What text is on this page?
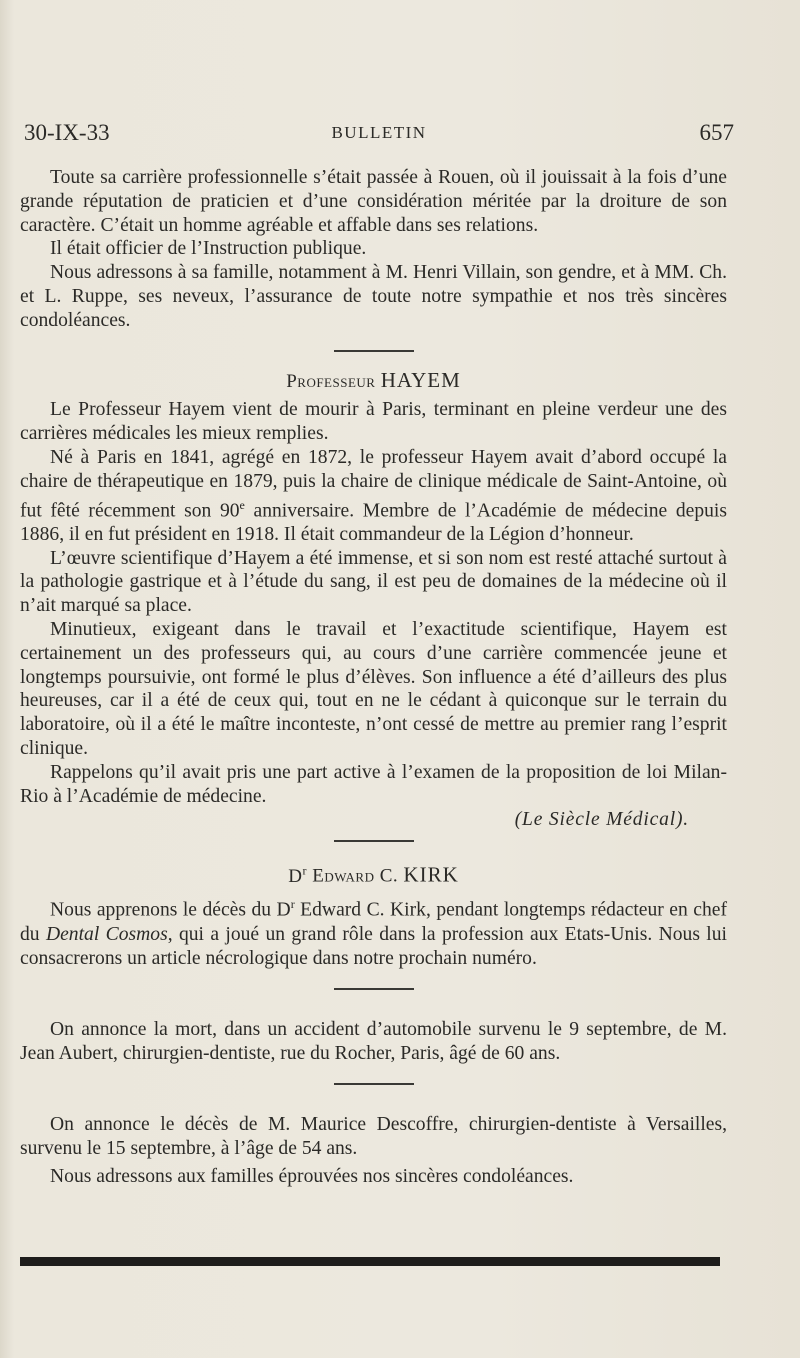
30-IX-33	BULLETIN	657

Toute sa carrière professionnelle s’était passée à Rouen, où il jouissait à la fois d’une grande réputation de praticien et d’une considération méritée par la droiture de son caractère. C’était un homme agréable et affable dans ses relations.

Il était officier de l’Instruction publique.

Nous adressons à sa famille, notamment à M. Henri Villain, son gendre, et à MM. Ch. et L. Ruppe, ses neveux, l’assurance de toute notre sympathie et nos très sincères condoléances.

Professeur HAYEM

Le Professeur Hayem vient de mourir à Paris, terminant en pleine verdeur une des carrières médicales les mieux remplies.

Né à Paris en 1841, agrégé en 1872, le professeur Hayem avait d’abord occupé la chaire de thérapeutique en 1879, puis la chaire de clinique médicale de Saint-Antoine, où fut fêté récemment son 90e anniversaire. Membre de l’Académie de médecine depuis 1886, il en fut président en 1918. Il était commandeur de la Légion d’honneur.

L’œuvre scientifique d’Hayem a été immense, et si son nom est resté attaché surtout à la pathologie gastrique et à l’étude du sang, il est peu de domaines de la médecine où il n’ait marqué sa place.

Minutieux, exigeant dans le travail et l’exactitude scientifique, Hayem est certainement un des professeurs qui, au cours d’une carrière commencée jeune et longtemps poursuivie, ont formé le plus d’élèves. Son influence a été d’ailleurs des plus heureuses, car il a été de ceux qui, tout en ne le cédant à quiconque sur le terrain du laboratoire, où il a été le maître inconteste, n’ont cessé de mettre au premier rang l’esprit clinique.

Rappelons qu’il avait pris une part active à l’examen de la proposition de loi Milan-Rio à l’Académie de médecine.

(Le Siècle Médical).

$D^r$ Edward C. KIRK

Nous apprenons le décès du $D^r$ Edward C. Kirk, pendant longtemps rédacteur en chef du Dental Cosmos, qui a joué un grand rôle dans la profession aux Etats-Unis. Nous lui consacrerons un article nécrologique dans notre prochain numéro.

On annonce la mort, dans un accident d’automobile survenu le 9 septembre, de M. Jean Aubert, chirurgien-dentiste, rue du Rocher, Paris, âgé de 60 ans.

On annonce le décès de M. Maurice Descoffre, chirurgien-dentiste à Versailles, survenu le 15 septembre, à l’âge de 54 ans.

Nous adressons aux familles éprouvées nos sincères condoléances.
